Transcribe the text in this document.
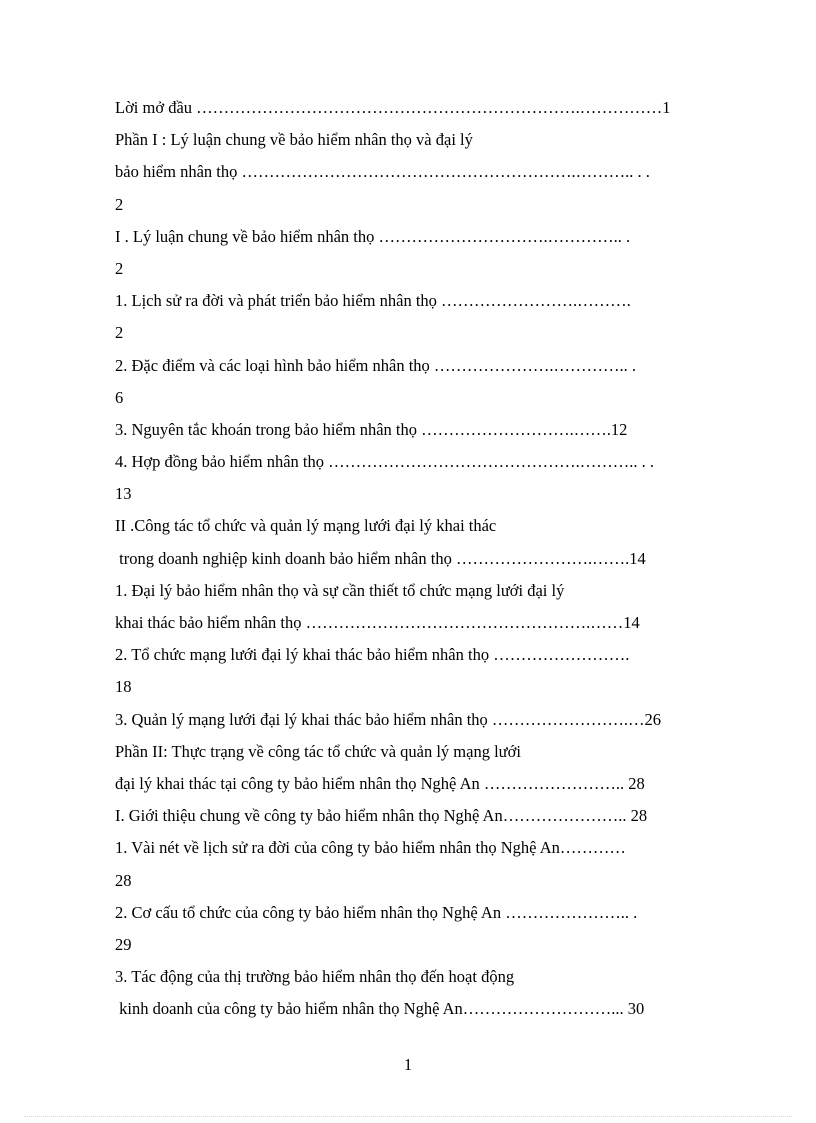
Lời mở đầu …………………………………………………………….……………1
Phần I : Lý luận chung về bảo hiểm nhân thọ và đại lý
bảo hiểm nhân thọ …………………………………………………….……….. . .
2
I . Lý luận chung về bảo hiểm nhân thọ ………………………….………….. .
2
1. Lịch sử ra đời và phát triển bảo hiểm nhân thọ …………………….……….
2
2. Đặc điểm và các loại hình bảo hiểm nhân thọ ………………….………….. .
6
3. Nguyên tắc khoán trong bảo hiểm nhân thọ ……………………….…….12
4. Hợp đồng bảo hiểm nhân thọ ……………………………………….……….. . .
13
II .Công tác tổ chức và quản lý mạng lưới đại lý khai thác
trong doanh nghiệp kinh doanh bảo hiểm nhân thọ …………………….…….14
1. Đại lý bảo hiểm nhân thọ và sự cần thiết tổ chức mạng lưới đại lý
khai thác bảo hiểm nhân thọ …………………………………………….……14
2. Tổ chức mạng lưới đại lý khai thác bảo hiểm nhân thọ …………………….
18
3. Quản lý mạng lưới đại lý khai thác bảo hiểm nhân thọ …………………….…26
Phần II: Thực trạng về công tác tổ chức và quản lý mạng lưới
đại lý khai thác tại công ty bảo hiểm nhân thọ Nghệ An …………………….. 28
I. Giới thiệu chung về công ty bảo hiểm nhân thọ Nghệ An………………….. 28
1. Vài nét về lịch sử ra đời của công ty bảo hiểm nhân thọ Nghệ An…………
28
2. Cơ cấu tổ chức của công ty bảo hiểm nhân thọ Nghệ An ………………….. .
29
3. Tác động của thị trường bảo hiểm nhân thọ đến hoạt động
kinh doanh của công ty bảo hiểm nhân thọ Nghệ An………………………... 30
1
